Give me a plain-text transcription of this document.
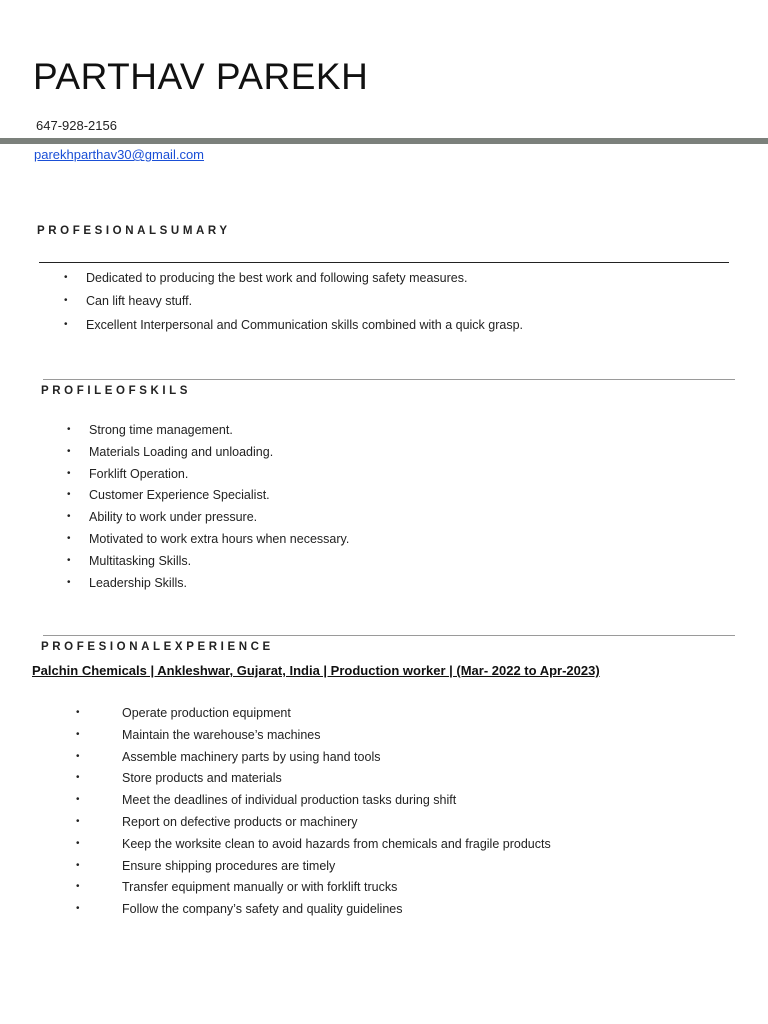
PARTHAV PAREKH
647-928-2156
parekhparthav30@gmail.com
PROFESIONALSUMARY
• Dedicated to producing the best work and following safety measures.
• Can lift heavy stuff.
• Excellent Interpersonal and Communication skills combined with a quick grasp.
PROFILEOFSKILS
• Strong time management.
• Materials Loading and unloading.
• Forklift Operation.
• Customer Experience Specialist.
• Ability to work under pressure.
• Motivated to work extra hours when necessary.
• Multitasking Skills.
• Leadership Skills.
PROFESIONALEXPERIENCE
Palchin Chemicals | Ankleshwar, Gujarat, India | Production worker | (Mar- 2022 to Apr-2023)
•	Operate production equipment
•	Maintain the warehouse’s machines
•	Assemble machinery parts by using hand tools
•	Store products and materials
•	Meet the deadlines of individual production tasks during shift
•	Report on defective products or machinery
•	Keep the worksite clean to avoid hazards from chemicals and fragile products
•	Ensure shipping procedures are timely
•	Transfer equipment manually or with forklift trucks
•	Follow the company’s safety and quality guidelines
